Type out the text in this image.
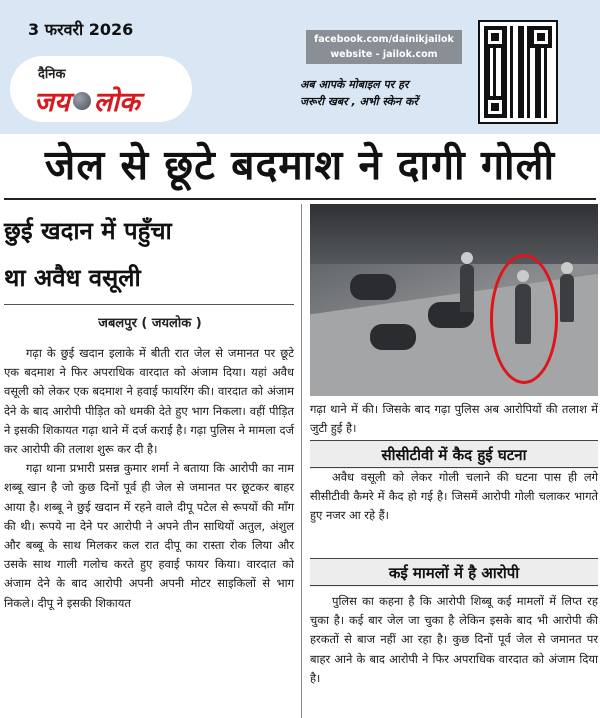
3 फरवरी 2026
दैनिक
जय लोक
facebook.com/dainikjailok
website - jailok.com
अब आपके मोबाइल पर हर
जरूरी खबर , अभी स्केन करें
जेल से छूटे बदमाश ने दागी गोली
छुई खदान में पहुँचा
था अवैध वसूली
जबलपुर ( जयलोक )

गढ़ा के छुई खदान इलाके में बीती रात जेल से जमानत पर छूटे एक बदमाश ने फिर अपराधिक वारदात को अंजाम दिया। यहां अवैध वसूली को लेकर एक बदमाश ने हवाई फायरिंग की। वारदात को अंजाम देने के बाद आरोपी पीड़ित को धमकी देते हुए भाग निकला। वहीं पीड़ित ने इसकी शिकायत गढ़ा थाने में दर्ज कराई है। गढ़ा पुलिस ने मामला दर्ज कर आरोपी की तलाश शुरू कर दी है।

गढ़ा थाना प्रभारी प्रसन्न कुमार शर्मा ने बताया कि आरोपी का नाम शब्बू खान है जो कुछ दिनों पूर्व ही जेल से जमानत पर छूटकर बाहर आया है। शब्बू ने छुई खदान में रहने वाले दीपू पटेल से रूपयों की माँग की थी। रूपये ना देने पर आरोपी ने अपने तीन साथियों अतुल, अंशुल और बब्बू के साथ मिलकर कल रात दीपू का रास्ता रोक लिया और उसके साथ गाली गलोच करते हुए हवाई फायर किया। वारदात को अंजाम देने के बाद आरोपी अपनी अपनी मोटर साइकिलों से भाग निकले। दीपू ने इसकी शिकायत

गढ़ा थाने में की। जिसके बाद गढ़ा पुलिस अब आरोपियों की तलाश में जुटी हुई है।

सीसीटीवी में कैद हुई घटना

अवैध वसूली को लेकर गोली चलाने की घटना पास ही लगे सीसीटीवी कैमरे में कैद हो गई है। जिसमें आरोपी गोली चलाकर भागते हुए नजर आ रहे हैं।

कई मामलों में है आरोपी

पुलिस का कहना है कि आरोपी शिब्बू कई मामलों में लिप्त रह चुका है। कई बार जेल जा चुका है लेकिन इसके बाद भी आरोपी की हरकतों से बाज नहीं आ रहा है। कुछ दिनों पूर्व जेल से जमानत पर बाहर आने के बाद आरोपी ने फिर अपराधिक वारदात को अंजाम दिया है।
